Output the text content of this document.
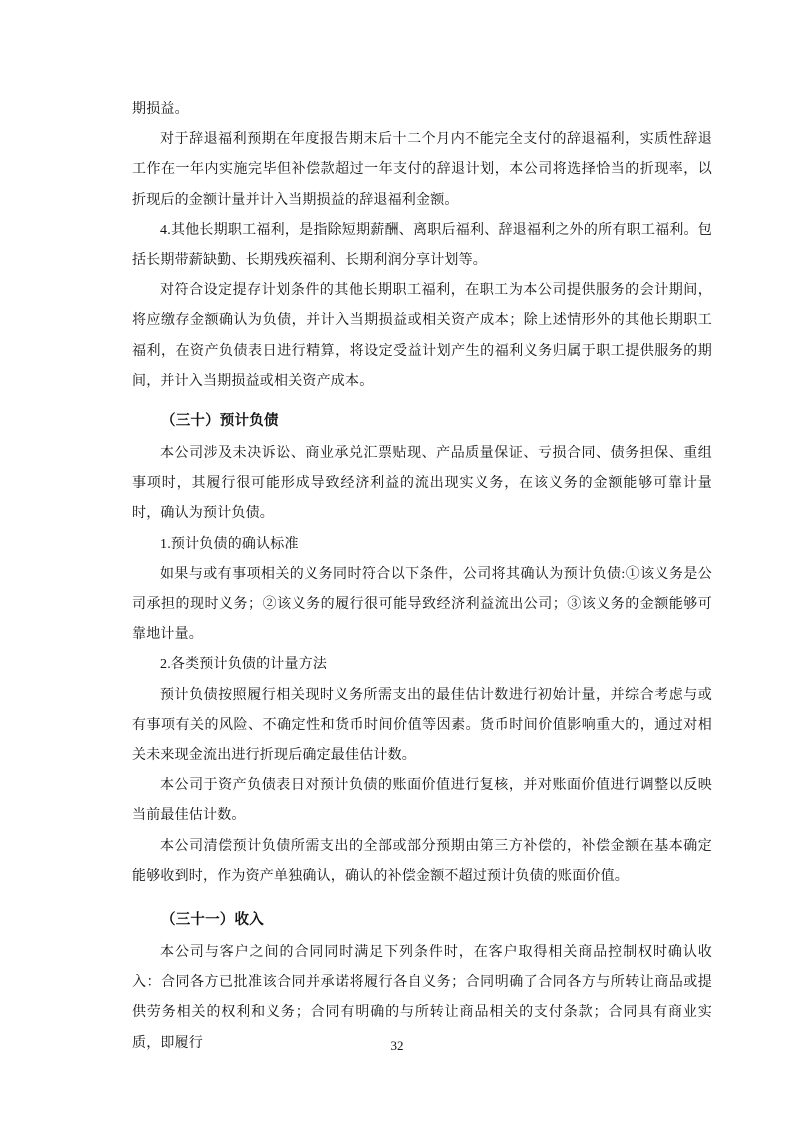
期损益。

对于辞退福利预期在年度报告期末后十二个月内不能完全支付的辞退福利，实质性辞退工作在一年内实施完毕但补偿款超过一年支付的辞退计划，本公司将选择恰当的折现率，以折现后的金额计量并计入当期损益的辞退福利金额。

4.其他长期职工福利，是指除短期薪酬、离职后福利、辞退福利之外的所有职工福利。包括长期带薪缺勤、长期残疾福利、长期利润分享计划等。

对符合设定提存计划条件的其他长期职工福利，在职工为本公司提供服务的会计期间，将应缴存金额确认为负债，并计入当期损益或相关资产成本；除上述情形外的其他长期职工福利，在资产负债表日进行精算，将设定受益计划产生的福利义务归属于职工提供服务的期间，并计入当期损益或相关资产成本。

（三十）预计负债

本公司涉及未决诉讼、商业承兑汇票贴现、产品质量保证、亏损合同、债务担保、重组事项时，其履行很可能形成导致经济利益的流出现实义务，在该义务的金额能够可靠计量时，确认为预计负债。

1.预计负债的确认标准

如果与或有事项相关的义务同时符合以下条件，公司将其确认为预计负债:①该义务是公司承担的现时义务；②该义务的履行很可能导致经济利益流出公司；③该义务的金额能够可靠地计量。

2.各类预计负债的计量方法

预计负债按照履行相关现时义务所需支出的最佳估计数进行初始计量，并综合考虑与或有事项有关的风险、不确定性和货币时间价值等因素。货币时间价值影响重大的，通过对相关未来现金流出进行折现后确定最佳估计数。

本公司于资产负债表日对预计负债的账面价值进行复核，并对账面价值进行调整以反映当前最佳估计数。

本公司清偿预计负债所需支出的全部或部分预期由第三方补偿的，补偿金额在基本确定能够收到时，作为资产单独确认，确认的补偿金额不超过预计负债的账面价值。

（三十一）收入

本公司与客户之间的合同同时满足下列条件时，在客户取得相关商品控制权时确认收入：合同各方已批准该合同并承诺将履行各自义务；合同明确了合同各方与所转让商品或提供劳务相关的权利和义务；合同有明确的与所转让商品相关的支付条款；合同具有商业实质，即履行	32
